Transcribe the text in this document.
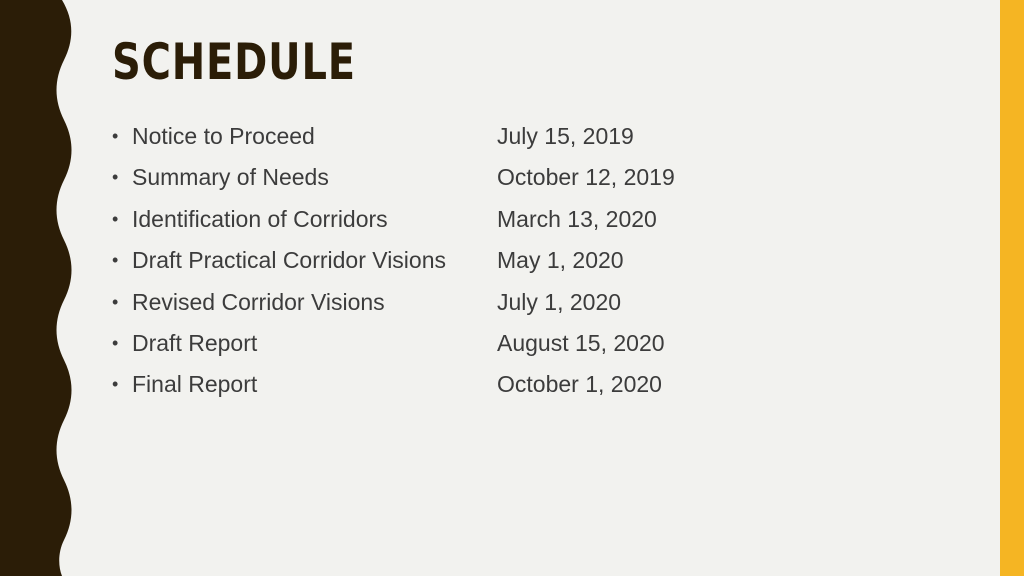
SCHEDULE
• Notice to Proceed	July 15, 2019
• Summary of Needs	October 12, 2019
• Identification of Corridors	March 13, 2020
• Draft Practical Corridor Visions May 1, 2020
• Revised Corridor Visions	July 1, 2020
• Draft Report	August 15, 2020
• Final Report	October 1, 2020
